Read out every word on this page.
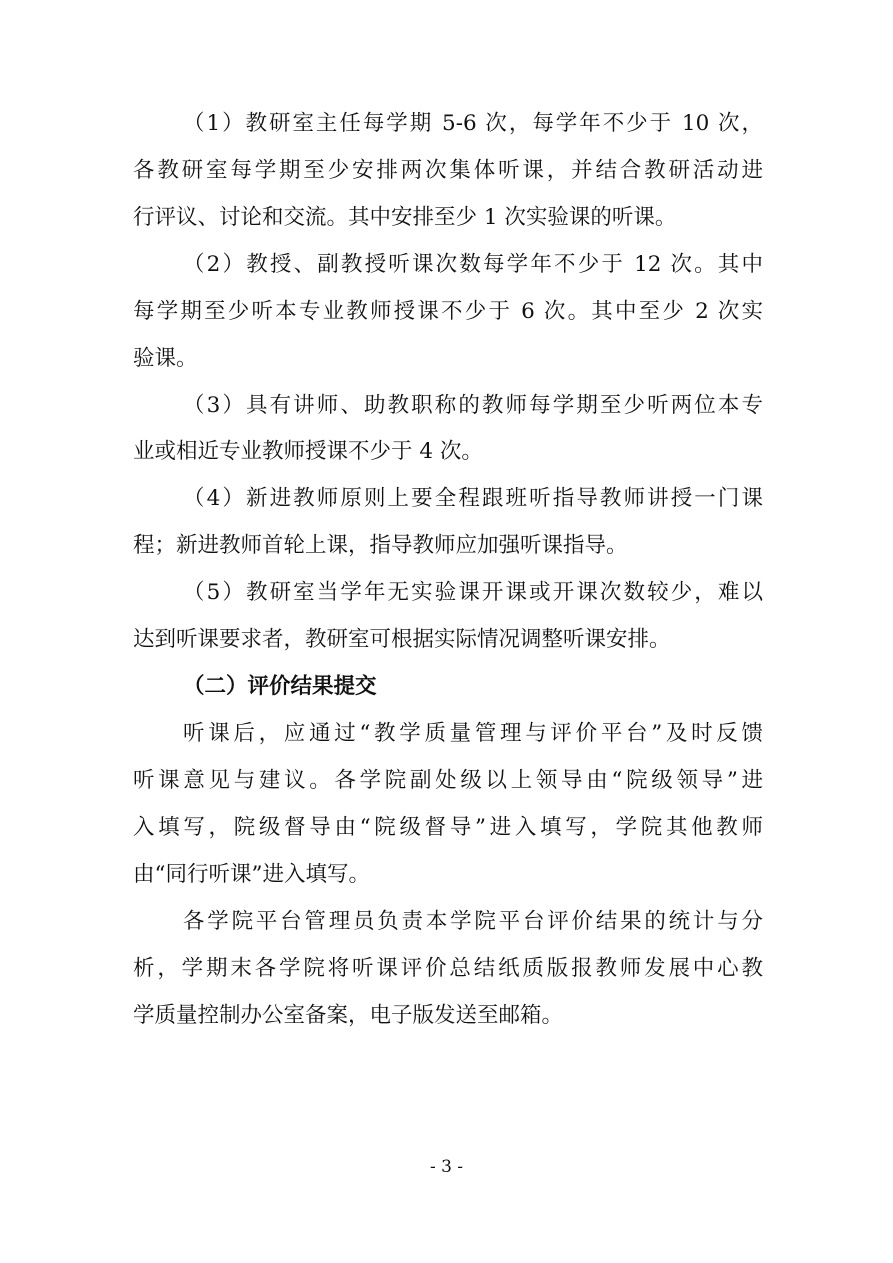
（1）教研室主任每学期 5-6 次，每学年不少于 10 次，
各教研室每学期至少安排两次集体听课，并结合教研活动进
行评议、讨论和交流。其中安排至少 1 次实验课的听课。
（2）教授、副教授听课次数每学年不少于 12 次。其中
每学期至少听本专业教师授课不少于 6 次。其中至少 2 次实
验课。
（3）具有讲师、助教职称的教师每学期至少听两位本专
业或相近专业教师授课不少于 4 次。
（4）新进教师原则上要全程跟班听指导教师讲授一门课
程；新进教师首轮上课，指导教师应加强听课指导。
（5）教研室当学年无实验课开课或开课次数较少，难以
达到听课要求者，教研室可根据实际情况调整听课安排。
（二）评价结果提交
听课后，应通过“教学质量管理与评价平台”及时反馈
听课意见与建议。各学院副处级以上领导由“院级领导”进
入填写，院级督导由“院级督导”进入填写，学院其他教师
由“同行听课”进入填写。
各学院平台管理员负责本学院平台评价结果的统计与分
析，学期末各学院将听课评价总结纸质版报教师发展中心教
学质量控制办公室备案，电子版发送至邮箱。
- 3 -
